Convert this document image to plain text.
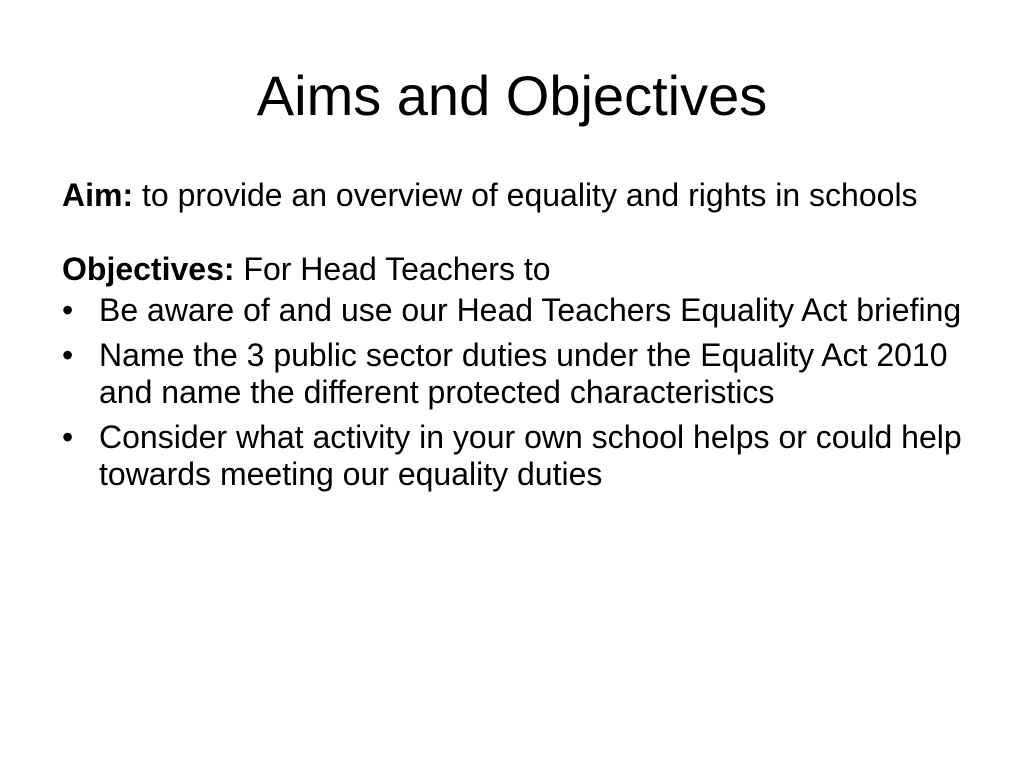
Aims and Objectives

Aim: to provide an overview of equality and rights in schools

Objectives: For Head Teachers to

• Be aware of and use our Head Teachers Equality Act briefing
• Name the 3 public sector duties under the Equality Act 2010 and name the different protected characteristics
• Consider what activity in your own school helps or could help towards meeting our equality duties
